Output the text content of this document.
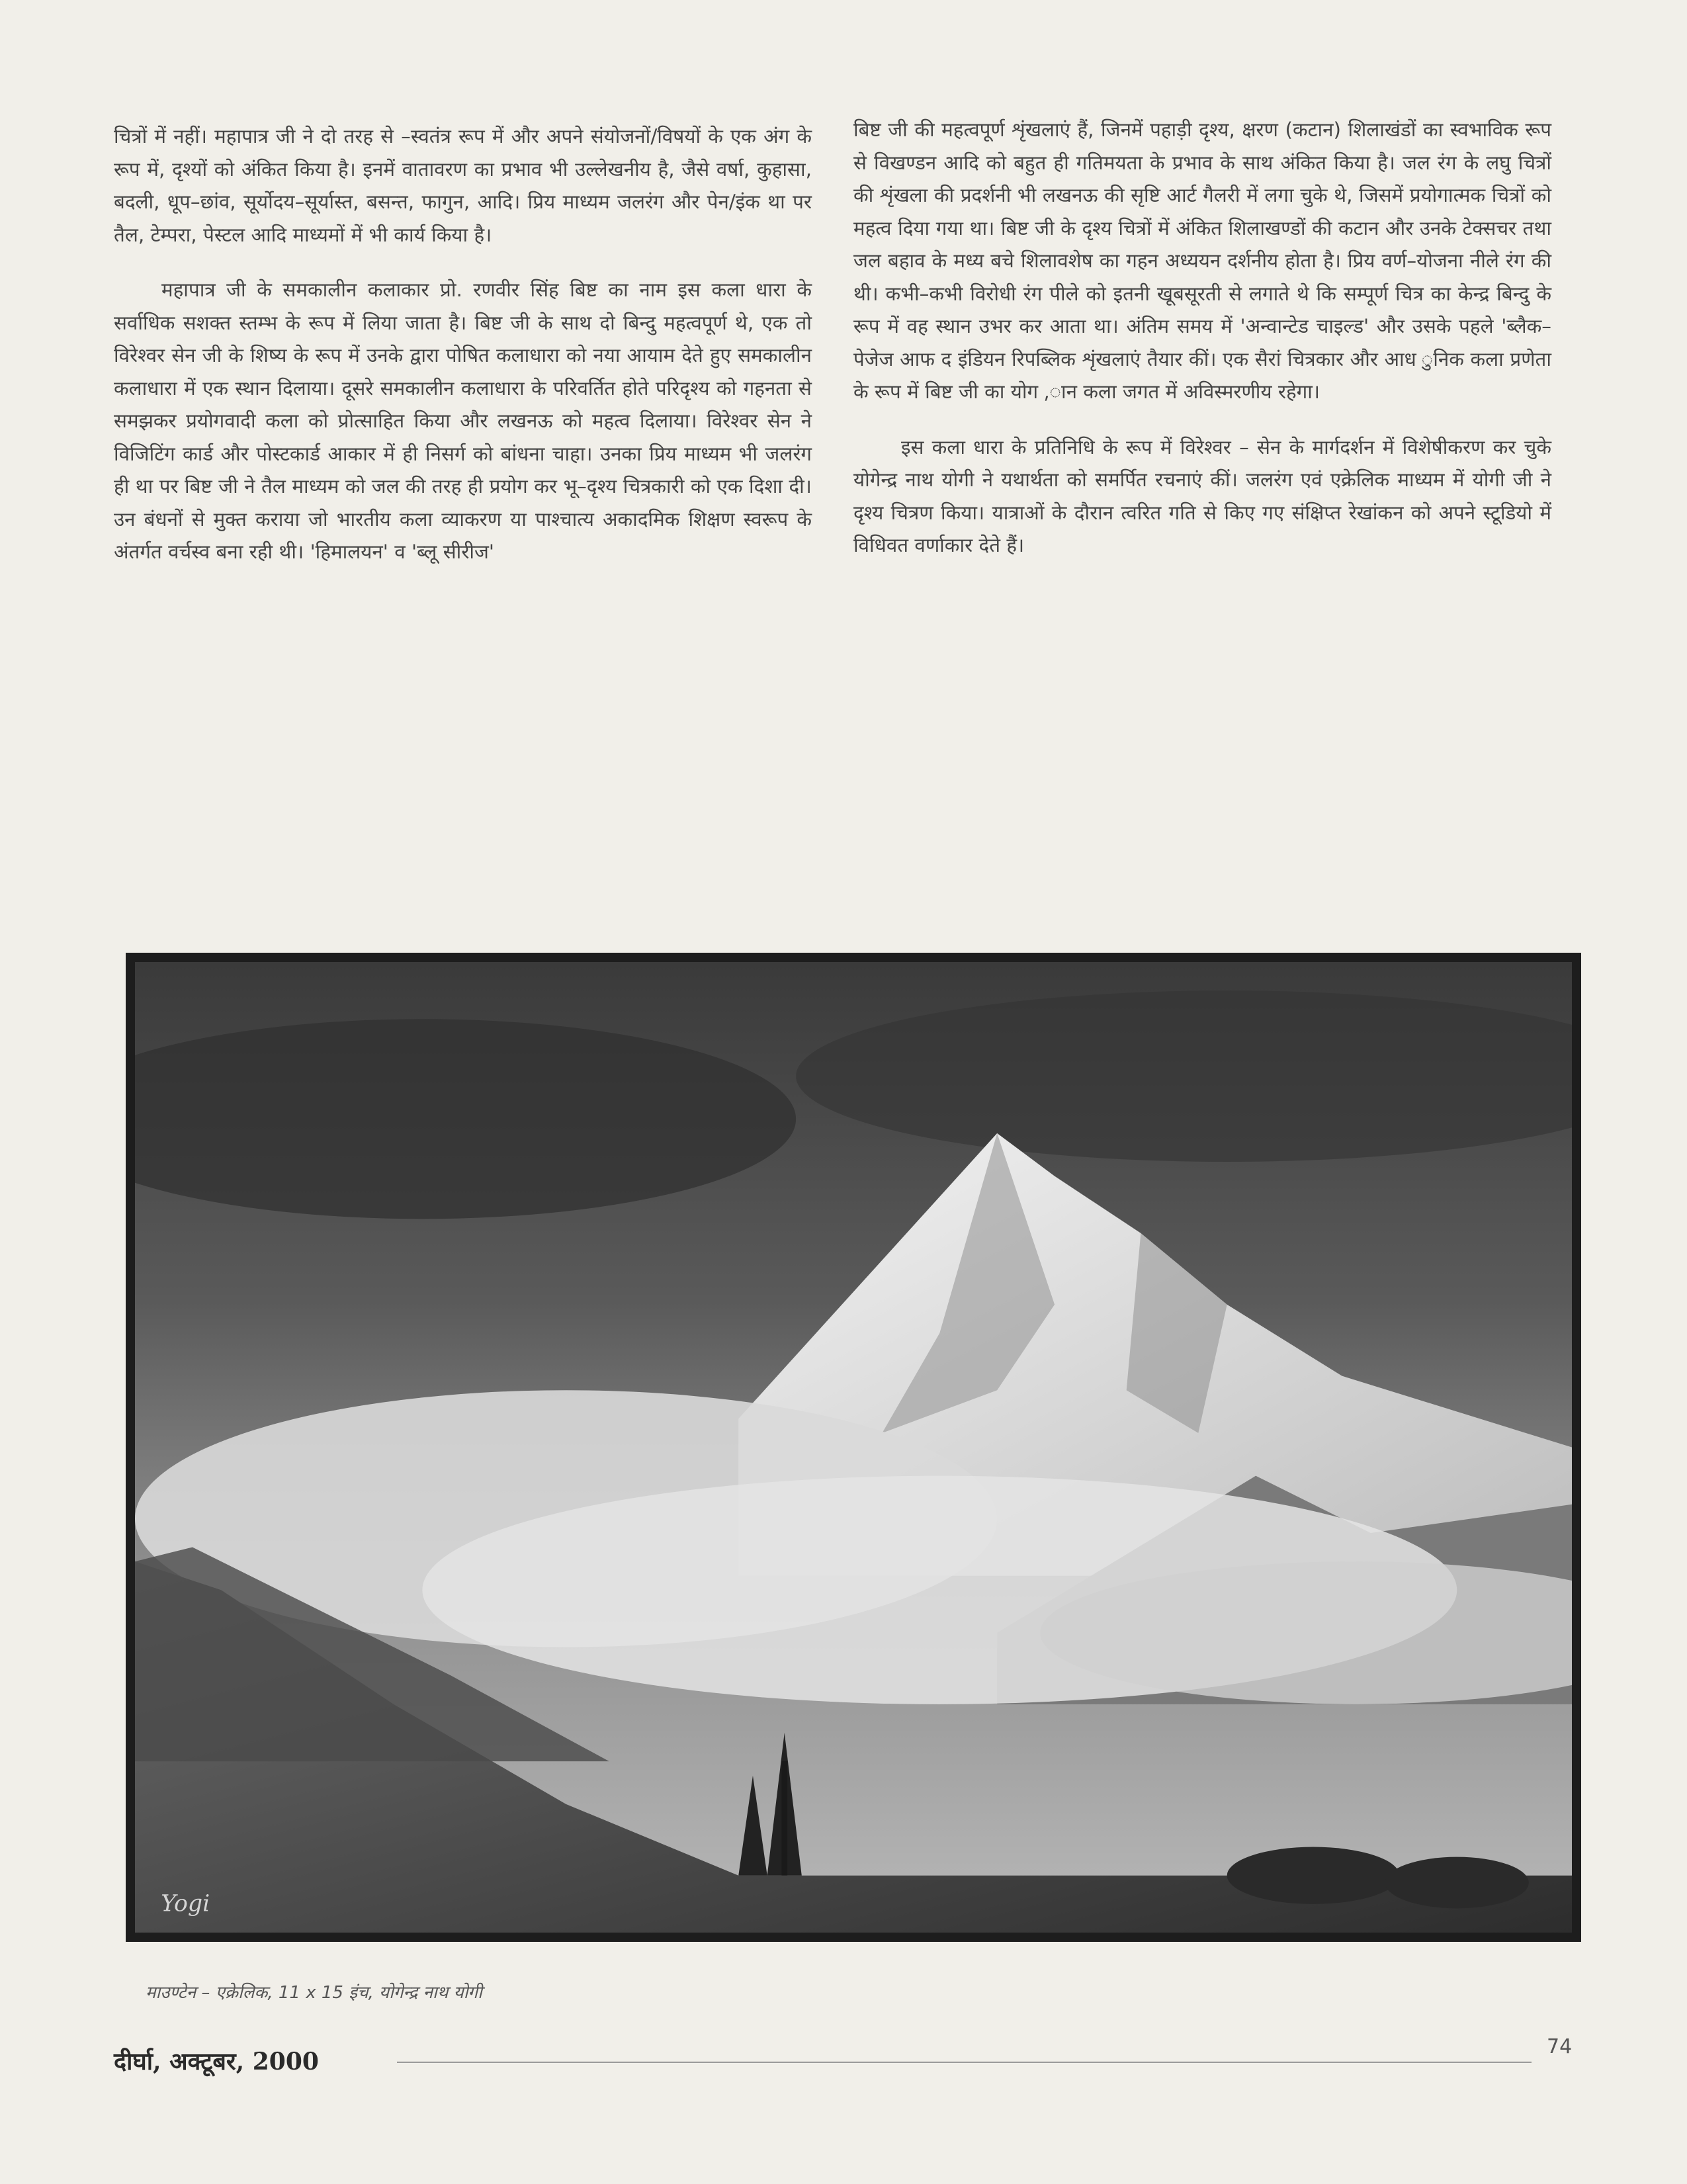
चित्रों में नहीं। महापात्र जी ने दो तरह से –स्वतंत्र रूप में और अपने संयोजनों/विषयों के एक अंग के रूप में, दृश्यों को अंकित किया है। इनमें वातावरण का प्रभाव भी उल्लेखनीय है, जैसे वर्षा, कुहासा, बदली, धूप–छांव, सूर्योदय–सूर्यास्त, बसन्त, फागुन, आदि। प्रिय माध्यम जलरंग और पेन/इंक था पर तैल, टेम्परा, पेस्टल आदि माध्यमों में भी कार्य किया है।

महापात्र जी के समकालीन कलाकार प्रो. रणवीर सिंह बिष्ट का नाम इस कला धारा के सर्वाधिक सशक्त स्तम्भ के रूप में लिया जाता है। बिष्ट जी के साथ दो बिन्दु महत्वपूर्ण थे, एक तो विरेश्वर सेन जी के शिष्य के रूप में उनके द्वारा पोषित कलाधारा को नया आयाम देते हुए समकालीन कलाधारा में एक स्थान दिलाया। दूसरे समकालीन कलाधारा के परिवर्तित होते परिदृश्य को गहनता से समझकर प्रयोगवादी कला को प्रोत्साहित किया और लखनऊ को महत्व दिलाया। विरेश्वर सेन ने विजिटिंग कार्ड और पोस्टकार्ड आकार में ही निसर्ग को बांधना चाहा। उनका प्रिय माध्यम भी जलरंग ही था पर बिष्ट जी ने तैल माध्यम को जल की तरह ही प्रयोग कर भू–दृश्य चित्रकारी को एक दिशा दी। उन बंधनों से मुक्त कराया जो भारतीय कला व्याकरण या पाश्चात्य अकादमिक शिक्षण स्वरूप के अंतर्गत वर्चस्व बना रही थी। 'हिमालयन' व 'ब्लू सीरीज'

बिष्ट जी की महत्वपूर्ण शृंखलाएं हैं, जिनमें पहाड़ी दृश्य, क्षरण (कटान) शिलाखंडों का स्वभाविक रूप से विखण्डन आदि को बहुत ही गतिमयता के प्रभाव के साथ अंकित किया है। जल रंग के लघु चित्रों की शृंखला की प्रदर्शनी भी लखनऊ की सृष्टि आर्ट गैलरी में लगा चुके थे, जिसमें प्रयोगात्मक चित्रों को महत्व दिया गया था। बिष्ट जी के दृश्य चित्रों में अंकित शिलाखण्डों की कटान और उनके टेक्सचर तथा जल बहाव के मध्य बचे शिलावशेष का गहन अध्ययन दर्शनीय होता है। प्रिय वर्ण–योजना नीले रंग की थी। कभी–कभी विरोधी रंग पीले को इतनी खूबसूरती से लगाते थे कि सम्पूर्ण चित्र का केन्द्र बिन्दु के रूप में वह स्थान उभर कर आता था। अंतिम समय में 'अन्वान्टेड चाइल्ड' और उसके पहले 'ब्लैक–पेजेज आफ द इंडियन रिपब्लिक शृंखलाएं तैयार कीं। एक सैरां चित्रकार और आध ुनिक कला प्रणेता के रूप में बिष्ट जी का योग ,ान कला जगत में अविस्मरणीय रहेगा।

इस कला धारा के प्रतिनिधि के रूप में विरेश्वर – सेन के मार्गदर्शन में विशेषीकरण कर चुके योगेन्द्र नाथ योगी ने यथार्थता को समर्पित रचनाएं कीं। जलरंग एवं एक्रेलिक माध्यम में योगी जी ने दृश्य चित्रण किया। यात्राओं के दौरान त्वरित गति से किए गए संक्षिप्त रेखांकन को अपने स्टूडियो में विधिवत वर्णाकार देते हैं।

Yogi
माउण्टेन – एक्रेलिक, 11 x 15 इंच, योगेन्द्र नाथ योगी
दीर्घा, अक्टूबर, 2000
74
